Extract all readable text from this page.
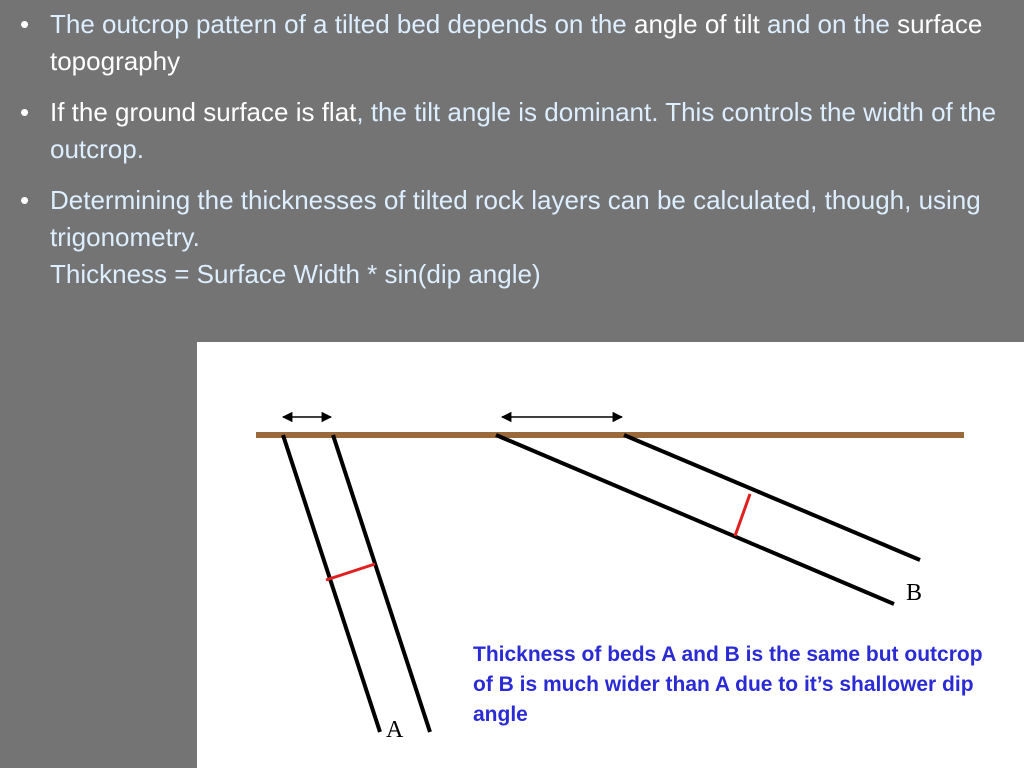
• The outcrop pattern of a tilted bed depends on the angle of tilt and on the surface topography
• If the ground surface is flat, the tilt angle is dominant. This controls the width of the outcrop.
• Determining the thicknesses of tilted rock layers can be calculated, though, using trigonometry.
Thickness = Surface Width * sin(dip angle)
B
A
Thickness of beds A and B is the same but outcrop of B is much wider than A due to it’s shallower dip angle
